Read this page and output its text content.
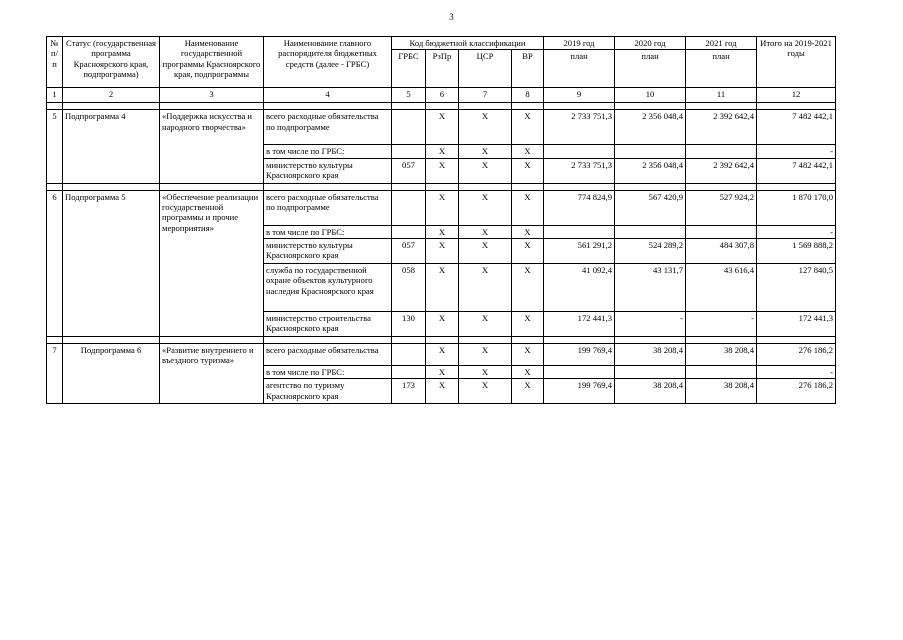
3
№ п/п	Статус (государственная программа Красноярского края, подпрограмма)	Наименование государственной программы Красноярского края, подпрограммы	Наименование главного распорядителя бюджетных средств (далее - ГРБС)	Код бюджетной классификации				2019 год	2020 год	2021 год	Итого на 2019-2021 годы
				ГРБС	РзПр	ЦСР	ВР	план	план	план	
1	2	3	4	5	6	7	8	9	10	11	12

5	Подпрограмма 4	«Поддержка искусства и народного творчества»	всего расходные обязательства по подпрограмме		X	X	X	2 733 751,3	2 356 048,4	2 392 642,4	7 482 442,1
			в том числе по ГРБС:		X	X	X				-
			министерство культуры Красноярского края	057	X	X	X	2 733 751,3	2 356 048,4	2 392 642,4	7 482 442,1

6	Подпрограмма 5	«Обеспечение реализации государственной программы и прочие мероприятия»	всего расходные обязательства по подпрограмме		X	X	X	774 824,9	567 420,9	527 924,2	1 870 170,0
			в том числе по ГРБС:		X	X	X				-
			министерство культуры Красноярского края	057	X	X	X	561 291,2	524 289,2	484 307,8	1 569 888,2
			служба по государственной охране объектов культурного наследия Красноярского края	058	X	X	X	41 092,4	43 131,7	43 616,4	127 840,5
			министерство строительства Красноярского края	130	X	X	X	172 441,3	-	-	172 441,3

7	Подпрограмма 6	«Развитие внутреннего и въездного туризма»	всего расходные обязательства		X	X	X	199 769,4	38 208,4	38 208,4	276 186,2
			в том числе по ГРБС:		X	X	X				-
			агентство по туризму Красноярского края	173	X	X	X	199 769,4	38 208,4	38 208,4	276 186,2
